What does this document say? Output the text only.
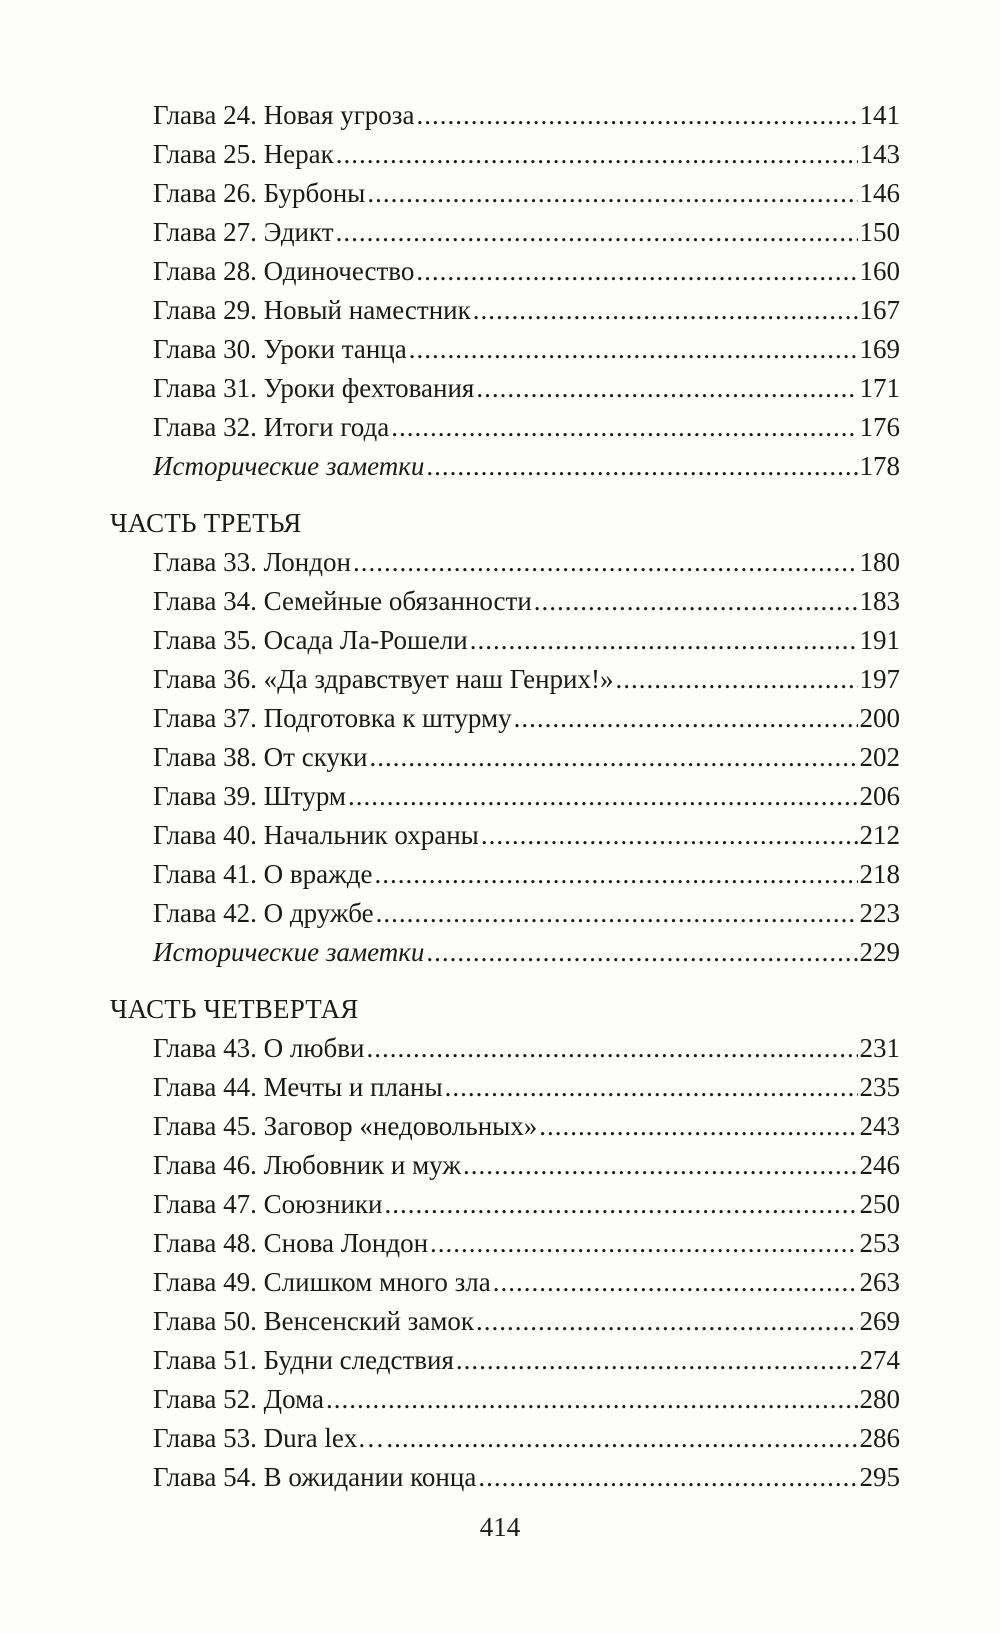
Глава 24. Новая угроза .....	141
Глава 25. Нерак .....	143
Глава 26. Бурбоны .....	146
Глава 27. Эдикт .....	150
Глава 28. Одиночество .....	160
Глава 29. Новый наместник .....	167
Глава 30. Уроки танца .....	169
Глава 31. Уроки фехтования .....	171
Глава 32. Итоги года .....	176
Исторические заметки .....	178
ЧАСТЬ ТРЕТЬЯ
Глава 33. Лондон .....	180
Глава 34. Семейные обязанности .....	183
Глава 35. Осада Ла-Рошели .....	191
Глава 36. «Да здравствует наш Генрих!» .....	197
Глава 37. Подготовка к штурму .....	200
Глава 38. От скуки .....	202
Глава 39. Штурм .....	206
Глава 40. Начальник охраны .....	212
Глава 41. О вражде .....	218
Глава 42. О дружбе .....	223
Исторические заметки .....	229
ЧАСТЬ ЧЕТВЕРТАЯ
Глава 43. О любви .....	231
Глава 44. Мечты и планы .....	235
Глава 45. Заговор «недовольных» .....	243
Глава 46. Любовник и муж .....	246
Глава 47. Союзники .....	250
Глава 48. Снова Лондон .....	253
Глава 49. Слишком много зла .....	263
Глава 50. Венсенский замок .....	269
Глава 51. Будни следствия .....	274
Глава 52. Дома .....	280
Глава 53. Dura lex… .....	286
Глава 54. В ожидании конца .....	295
414
